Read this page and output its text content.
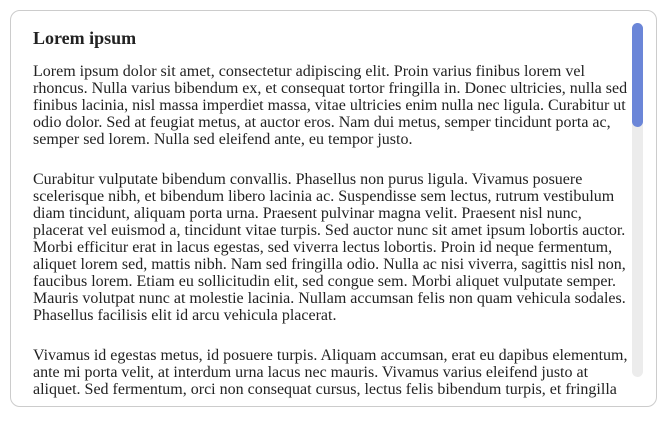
Lorem ipsum

Lorem ipsum dolor sit amet, consectetur adipiscing elit. Proin varius finibus lorem vel rhoncus. Nulla varius bibendum ex, et consequat tortor fringilla in. Donec ultricies, nulla sed finibus lacinia, nisl massa imperdiet massa, vitae ultricies enim nulla nec ligula. Curabitur ut odio dolor. Sed at feugiat metus, at auctor eros. Nam dui metus, semper tincidunt porta ac, semper sed lorem. Nulla sed eleifend ante, eu tempor justo.

Curabitur vulputate bibendum convallis. Phasellus non purus ligula. Vivamus posuere scelerisque nibh, et bibendum libero lacinia ac. Suspendisse sem lectus, rutrum vestibulum diam tincidunt, aliquam porta urna. Praesent pulvinar magna velit. Praesent nisl nunc, placerat vel euismod a, tincidunt vitae turpis. Sed auctor nunc sit amet ipsum lobortis auctor. Morbi efficitur erat in lacus egestas, sed viverra lectus lobortis. Proin id neque fermentum, aliquet lorem sed, mattis nibh. Nam sed fringilla odio. Nulla ac nisi viverra, sagittis nisl non, faucibus lorem. Etiam eu sollicitudin elit, sed congue sem. Morbi aliquet vulputate semper. Mauris volutpat nunc at molestie lacinia. Nullam accumsan felis non quam vehicula sodales. Phasellus facilisis elit id arcu vehicula placerat.

Vivamus id egestas metus, id posuere turpis. Aliquam accumsan, erat eu dapibus elementum, ante mi porta velit, at interdum urna lacus nec mauris. Vivamus varius eleifend justo at aliquet. Sed fermentum, orci non consequat cursus, lectus felis bibendum turpis, et fringilla
